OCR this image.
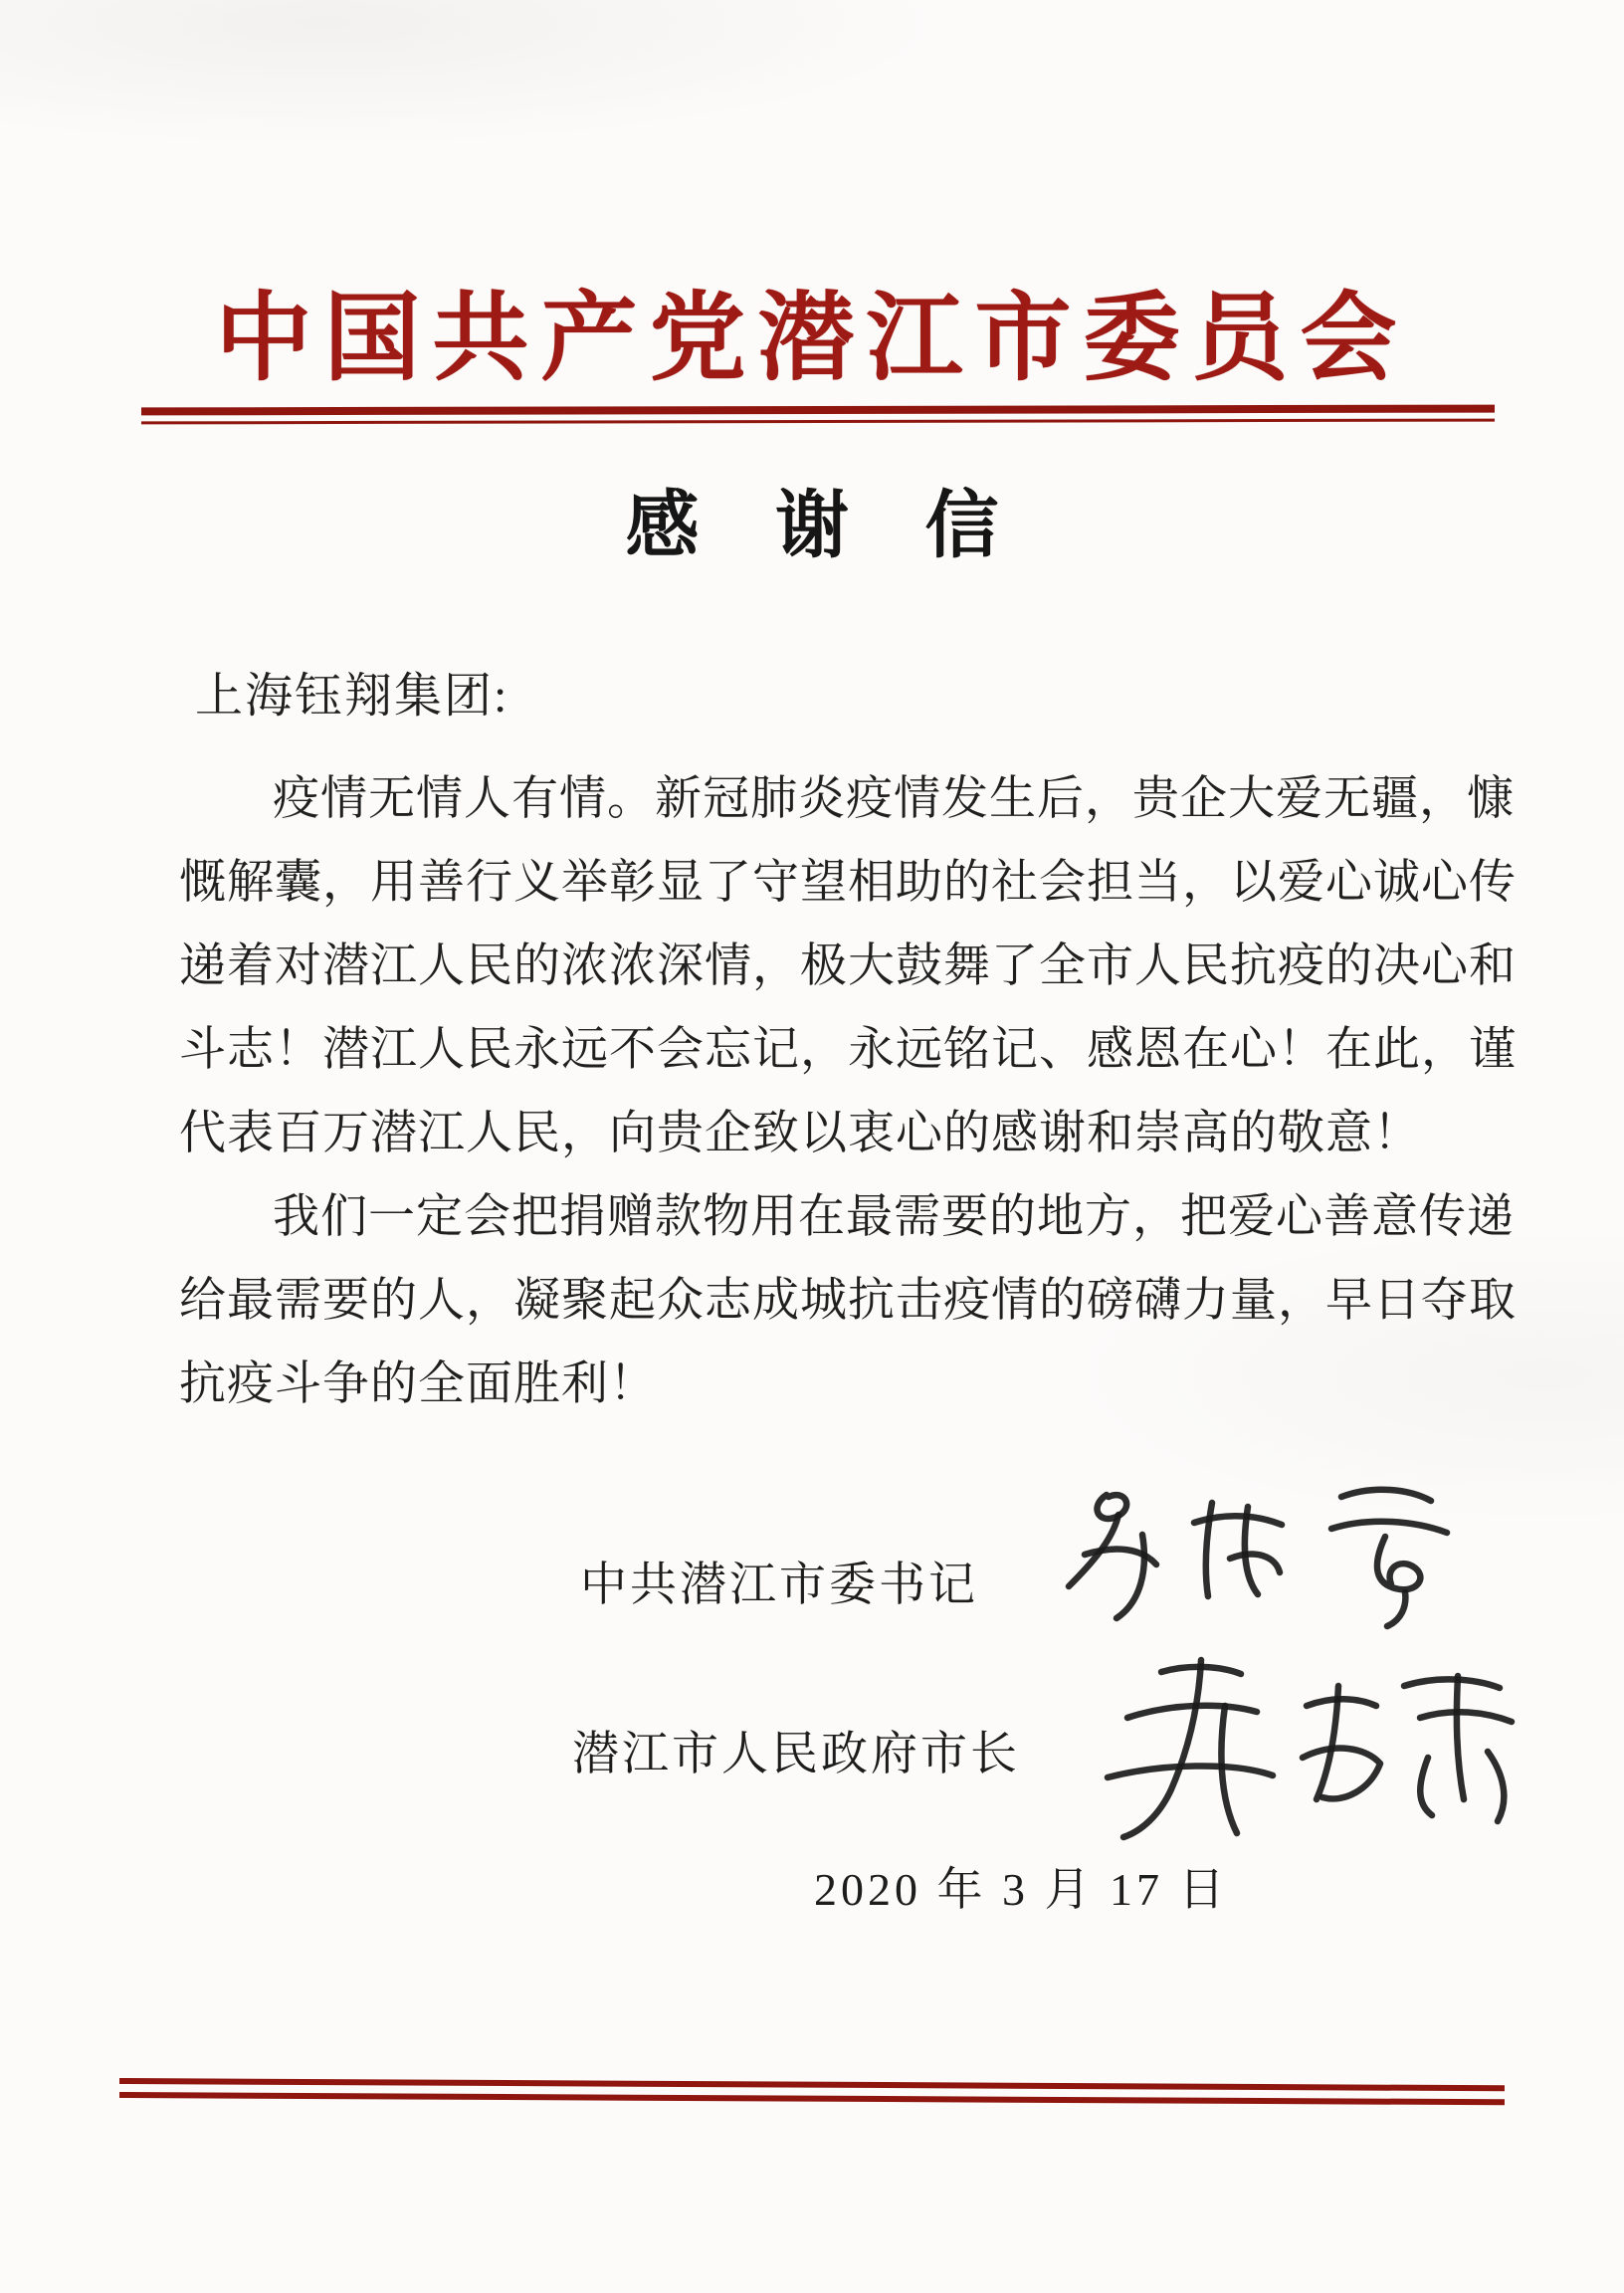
中国共产党潜江市委员会
感 谢 信
上海钰翔集团:
疫情无情人有情。新冠肺炎疫情发生后，贵企大爱无疆，慷
慨解囊，用善行义举彰显了守望相助的社会担当，以爱心诚心传
递着对潜江人民的浓浓深情，极大鼓舞了全市人民抗疫的决心和
斗志！潜江人民永远不会忘记，永远铭记、感恩在心！在此，谨
代表百万潜江人民，向贵企致以衷心的感谢和崇高的敬意！
我们一定会把捐赠款物用在最需要的地方，把爱心善意传递
给最需要的人，凝聚起众志成城抗击疫情的磅礴力量，早日夺取
抗疫斗争的全面胜利！
中共潜江市委书记
潜江市人民政府市长
2020 年 3 月 17 日
